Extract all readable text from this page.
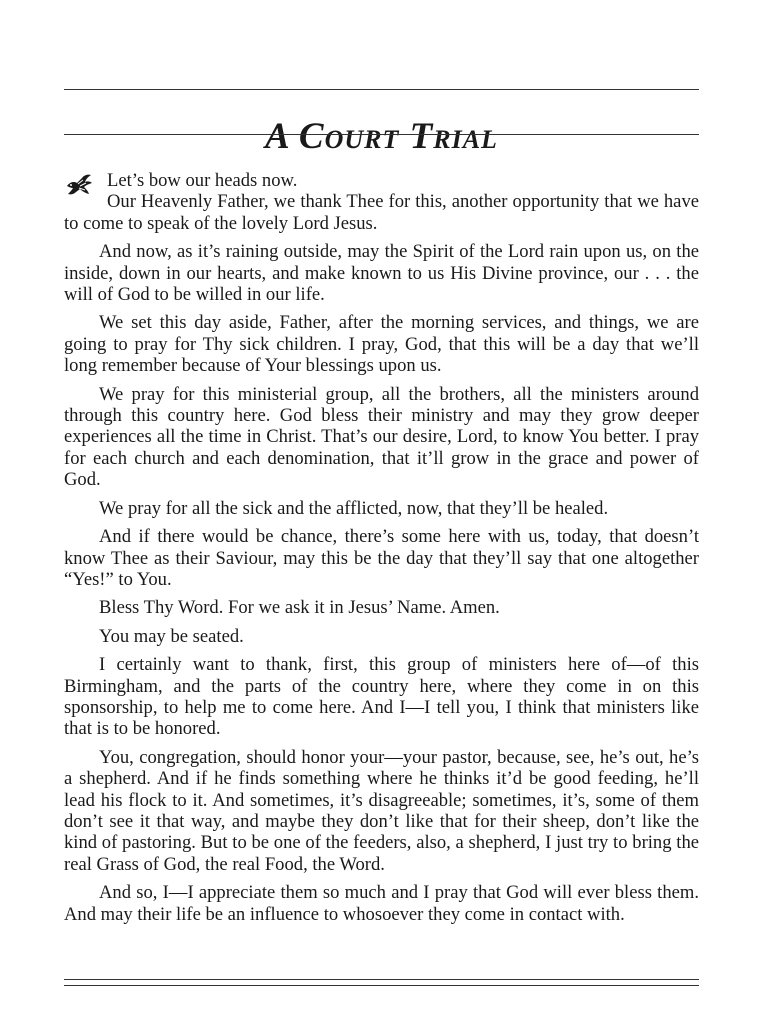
A Court Trial

Let’s bow our heads now.

Our Heavenly Father, we thank Thee for this, another opportunity that we have to come to speak of the lovely Lord Jesus.

And now, as it’s raining outside, may the Spirit of the Lord rain upon us, on the inside, down in our hearts, and make known to us His Divine province, our . . . the will of God to be willed in our life.

We set this day aside, Father, after the morning services, and things, we are going to pray for Thy sick children. I pray, God, that this will be a day that we’ll long remember because of Your blessings upon us.

We pray for this ministerial group, all the brothers, all the ministers around through this country here. God bless their ministry and may they grow deeper experiences all the time in Christ. That’s our desire, Lord, to know You better. I pray for each church and each denomination, that it’ll grow in the grace and power of God.

We pray for all the sick and the afflicted, now, that they’ll be healed.

And if there would be chance, there’s some here with us, today, that doesn’t know Thee as their Saviour, may this be the day that they’ll say that one altogether “Yes!” to You.

Bless Thy Word. For we ask it in Jesus’ Name. Amen.

You may be seated.

I certainly want to thank, first, this group of ministers here of—of this Birmingham, and the parts of the country here, where they come in on this sponsorship, to help me to come here. And I—I tell you, I think that ministers like that is to be honored.

You, congregation, should honor your—your pastor, because, see, he’s out, he’s a shepherd. And if he finds something where he thinks it’d be good feeding, he’ll lead his flock to it. And sometimes, it’s disagreeable; sometimes, it’s, some of them don’t see it that way, and maybe they don’t like that for their sheep, don’t like the kind of pastoring. But to be one of the feeders, also, a shepherd, I just try to bring the real Grass of God, the real Food, the Word.

And so, I—I appreciate them so much and I pray that God will ever bless them. And may their life be an influence to whosoever they come in contact with.
